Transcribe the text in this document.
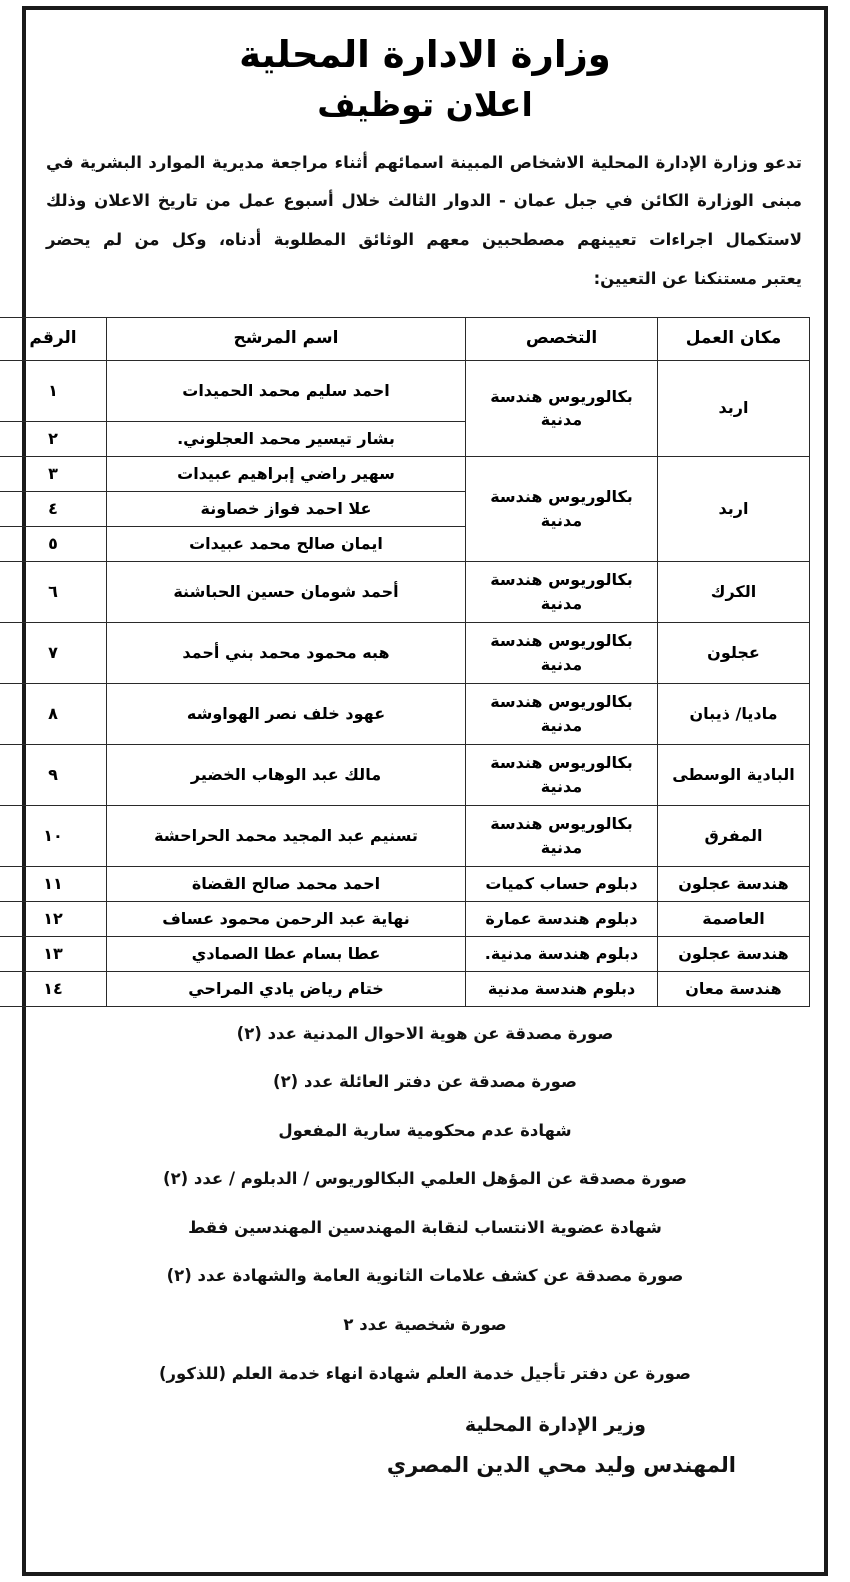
وزارة الادارة المحلية
اعلان توظيف
تدعو وزارة الإدارة المحلية الاشخاص المبينة اسمائهم أثناء مراجعة مديرية الموارد البشرية في
مبنى الوزارة الكائن في جبل عمان - الدوار الثالث خلال أسبوع عمل من تاريخ الاعلان وذلك
لاستكمال اجراءات تعيينهم مصطحبين معهم الوثائق المطلوبة أدناه، وكل من لم يحضر
يعتبر مستنكنا عن التعيين:
مكان العمل	التخصص	اسم المرشح	الرقم
اربد	بكالوريوس هندسة مدنية	احمد سليم محمد الحميدات	١
		بشار تيسير محمد العجلوني.	٢
اربد	بكالوريوس هندسة مدنية	سهير راضي إبراهيم عبيدات	٣
		علا احمد فواز خصاونة	٤
		ايمان صالح محمد عبيدات	٥
الكرك	بكالوريوس هندسة مدنية	أحمد شومان حسين الحباشنة	٦
عجلون	بكالوريوس هندسة مدنية	هبه محمود محمد بني أحمد	٧
ماديا/ ذيبان	بكالوريوس هندسة مدنية	عهود خلف نصر الهواوشه	٨
البادية الوسطى	بكالوريوس هندسة مدنية	مالك عبد الوهاب الخضير	٩
المفرق	بكالوريوس هندسة مدنية	تسنيم عبد المجيد محمد الحراحشة	١٠
هندسة عجلون	دبلوم حساب كميات	احمد محمد صالح القضاة	١١
العاصمة	دبلوم هندسة عمارة	نهاية عبد الرحمن محمود عساف	١٢
هندسة عجلون	دبلوم هندسة مدنية.	عطا بسام عطا الصمادي	١٣
هندسة معان	دبلوم هندسة مدنية	ختام رياض يادي المراحي	١٤
صورة مصدقة عن هوية الاحوال المدنية عدد (٢)
صورة مصدقة عن دفتر العائلة عدد (٢)
شهادة عدم محكومية سارية المفعول
صورة مصدقة عن المؤهل العلمي البكالوريوس / الدبلوم / عدد (٢)
شهادة عضوية الانتساب لنقابة المهندسين المهندسين فقط
صورة مصدقة عن كشف علامات الثانوية العامة والشهادة عدد (٢)
صورة شخصية عدد ٢
صورة عن دفتر تأجيل خدمة العلم شهادة انهاء خدمة العلم (للذكور)
وزير الإدارة المحلية
المهندس وليد محي الدين المصري
